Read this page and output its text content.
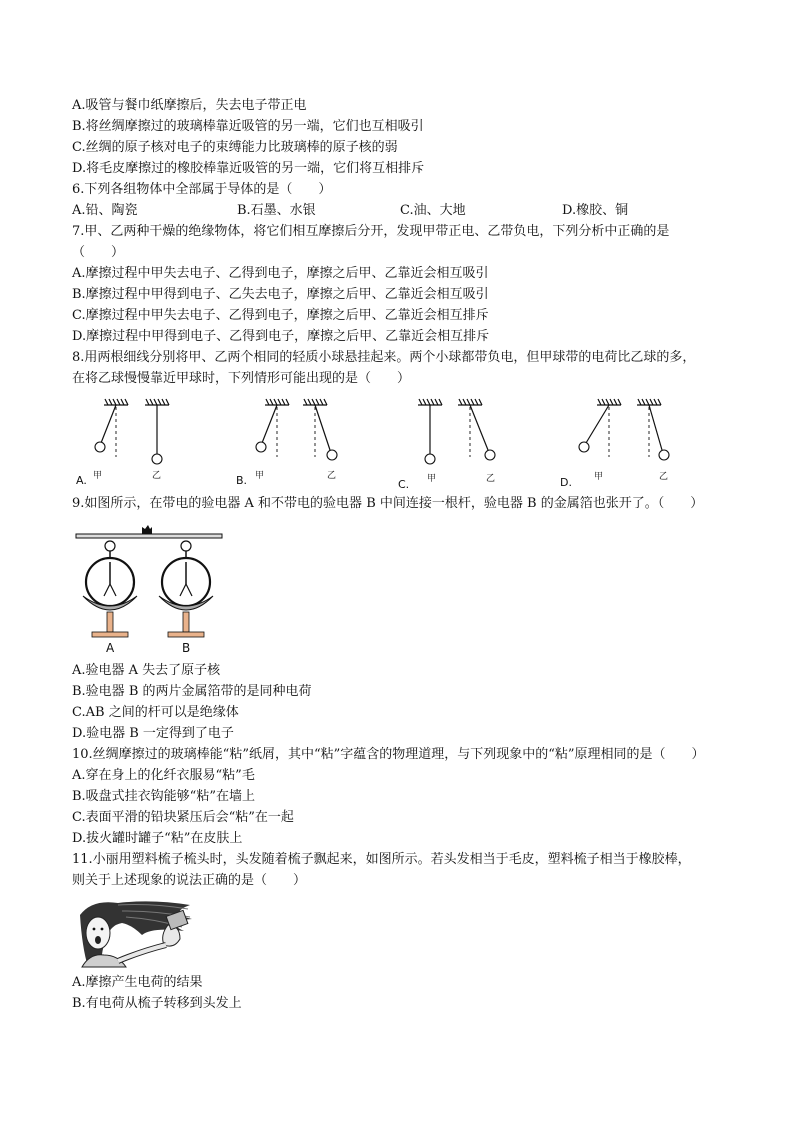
A.吸管与餐巾纸摩擦后，失去电子带正电
B.将丝绸摩擦过的玻璃棒靠近吸管的另一端，它们也互相吸引
C.丝绸的原子核对电子的束缚能力比玻璃棒的原子核的弱
D.将毛皮摩擦过的橡胶棒靠近吸管的另一端，它们将互相排斥
6.下列各组物体中全部属于导体的是（　　）
A.铅、陶瓷	B.石墨、水银	C.油、大地	D.橡胶、铜
7.甲、乙两种干燥的绝缘物体，将它们相互摩擦后分开，发现甲带正电、乙带负电，下列分析中正确的是
（　　）
A.摩擦过程中甲失去电子、乙得到电子，摩擦之后甲、乙靠近会相互吸引
B.摩擦过程中甲得到电子、乙失去电子，摩擦之后甲、乙靠近会相互吸引
C.摩擦过程中甲失去电子、乙得到电子，摩擦之后甲、乙靠近会相互排斥
D.摩擦过程中甲得到电子、乙得到电子，摩擦之后甲、乙靠近会相互排斥
8.用两根细线分别将甲、乙两个相同的轻质小球悬挂起来。两个小球都带负电，但甲球带的电荷比乙球的多，
在将乙球慢慢靠近甲球时，下列情形可能出现的是（　　）
A. 甲	乙	B. 甲	乙
C. 甲	乙	D. 甲	乙
9.如图所示，在带电的验电器 A 和不带电的验电器 B 中间连接一根杆，验电器 B 的金属箔也张开了。（　　）
A	B
A.验电器 A 失去了原子核
B.验电器 B 的两片金属箔带的是同种电荷
C.AB 之间的杆可以是绝缘体
D.验电器 B 一定得到了电子
10.丝绸摩擦过的玻璃棒能“粘”纸屑，其中“粘”字蕴含的物理道理，与下列现象中的“粘”原理相同的是（　　）
A.穿在身上的化纤衣服易“粘”毛
B.吸盘式挂衣钩能够“粘”在墙上
C.表面平滑的铅块紧压后会“粘”在一起
D.拔火罐时罐子“粘”在皮肤上
11.小丽用塑料梳子梳头时，头发随着梳子飘起来，如图所示。若头发相当于毛皮，塑料梳子相当于橡胶棒，
则关于上述现象的说法正确的是（　　）
A.摩擦产生电荷的结果
B.有电荷从梳子转移到头发上
